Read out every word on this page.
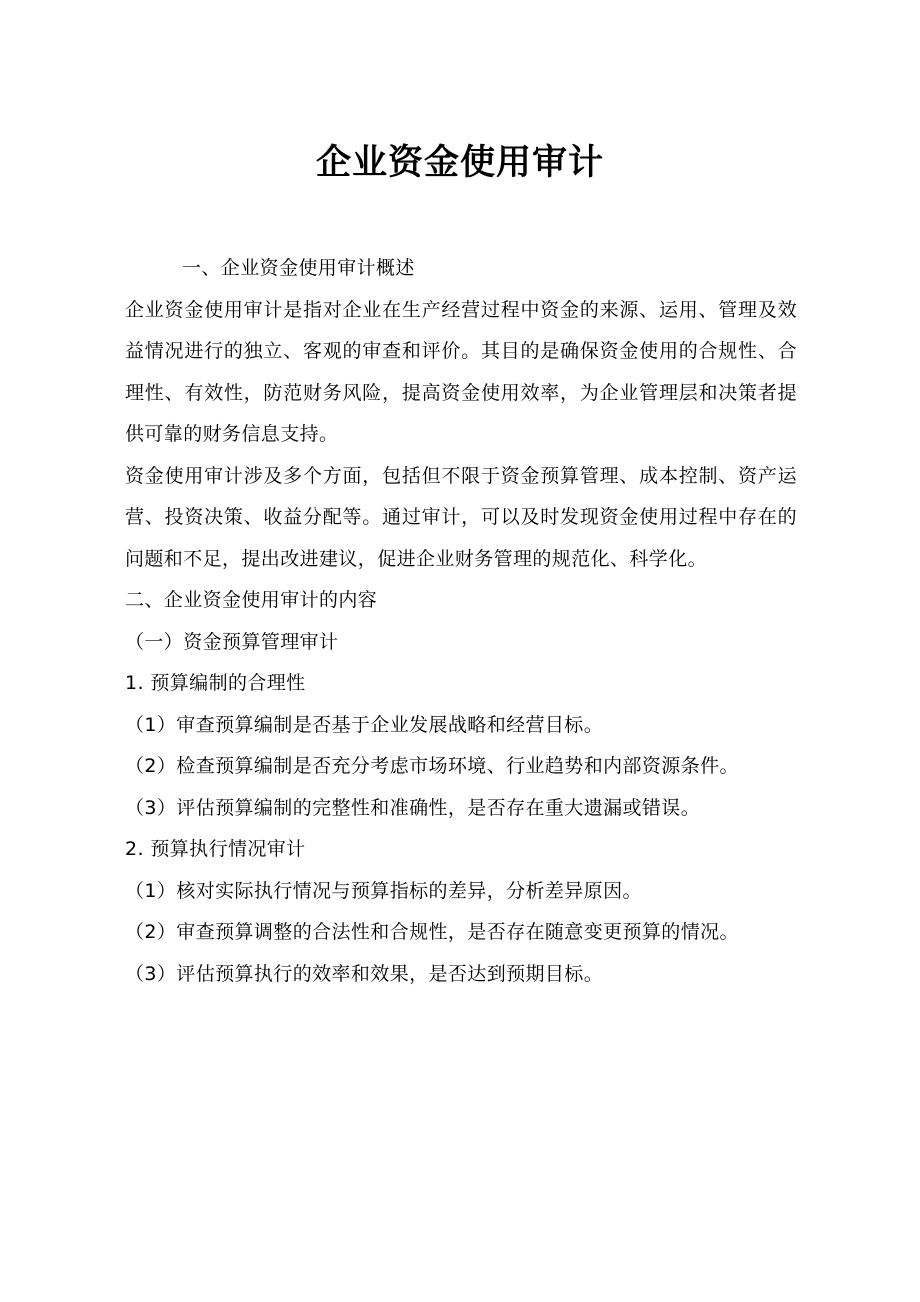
企业资金使用审计

一、企业资金使用审计概述

企业资金使用审计是指对企业在生产经营过程中资金的来源、运用、管理及效益情况进行的独立、客观的审查和评价。其目的是确保资金使用的合规性、合理性、有效性，防范财务风险，提高资金使用效率，为企业管理层和决策者提供可靠的财务信息支持。

资金使用审计涉及多个方面，包括但不限于资金预算管理、成本控制、资产运营、投资决策、收益分配等。通过审计，可以及时发现资金使用过程中存在的问题和不足，提出改进建议，促进企业财务管理的规范化、科学化。

二、企业资金使用审计的内容

（一）资金预算管理审计

1. 预算编制的合理性

（1）审查预算编制是否基于企业发展战略和经营目标。

（2）检查预算编制是否充分考虑市场环境、行业趋势和内部资源条件。

（3）评估预算编制的完整性和准确性，是否存在重大遗漏或错误。

2. 预算执行情况审计

（1）核对实际执行情况与预算指标的差异，分析差异原因。

（2）审查预算调整的合法性和合规性，是否存在随意变更预算的情况。

（3）评估预算执行的效率和效果，是否达到预期目标。
